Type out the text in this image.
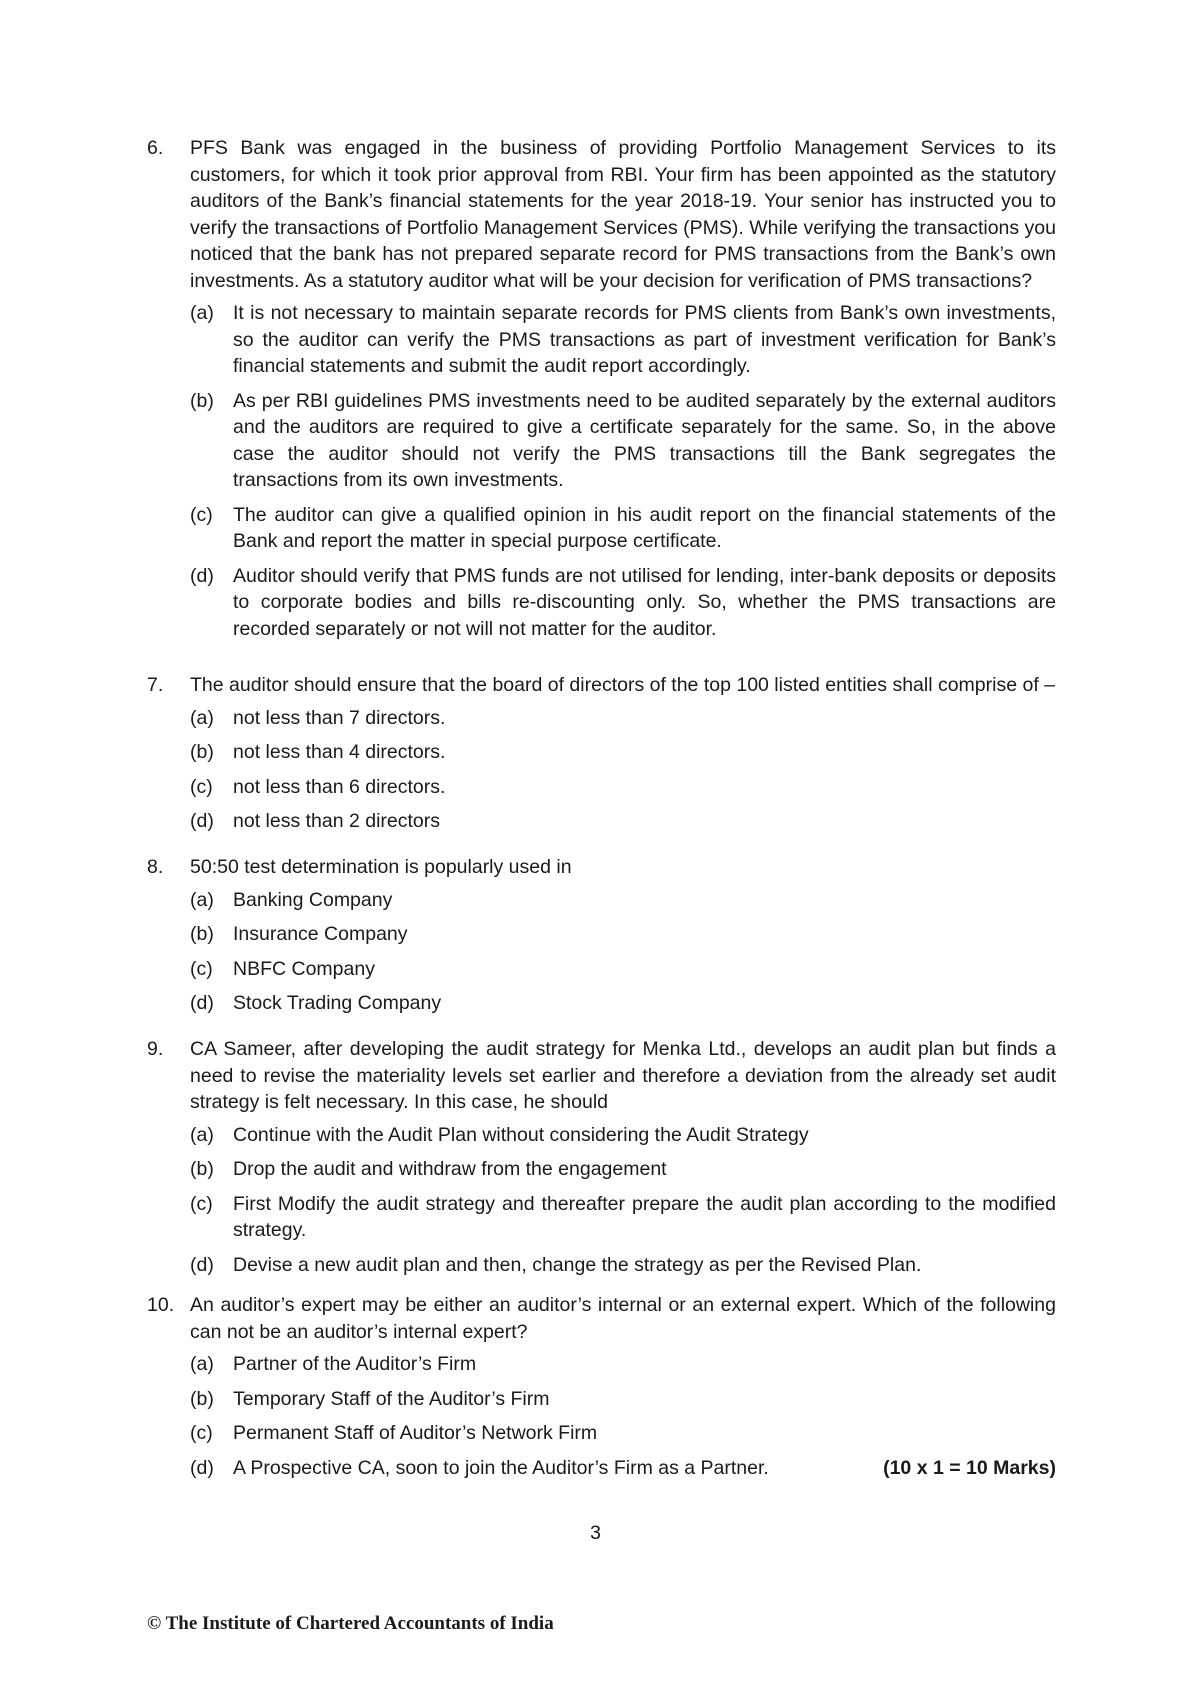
6. PFS Bank was engaged in the business of providing Portfolio Management Services to its customers, for which it took prior approval from RBI. Your firm has been appointed as the statutory auditors of the Bank’s financial statements for the year 2018-19. Your senior has instructed you to verify the transactions of Portfolio Management Services (PMS). While verifying the transactions you noticed that the bank has not prepared separate record for PMS transactions from the Bank’s own investments. As a statutory auditor what will be your decision for verification of PMS transactions?
(a) It is not necessary to maintain separate records for PMS clients from Bank’s own investments, so the auditor can verify the PMS transactions as part of investment verification for Bank’s financial statements and submit the audit report accordingly.
(b) As per RBI guidelines PMS investments need to be audited separately by the external auditors and the auditors are required to give a certificate separately for the same. So, in the above case the auditor should not verify the PMS transactions till the Bank segregates the transactions from its own investments.
(c) The auditor can give a qualified opinion in his audit report on the financial statements of the Bank and report the matter in special purpose certificate.
(d) Auditor should verify that PMS funds are not utilised for lending, inter-bank deposits or deposits to corporate bodies and bills re-discounting only. So, whether the PMS transactions are recorded separately or not will not matter for the auditor.
7. The auditor should ensure that the board of directors of the top 100 listed entities shall comprise of –
(a) not less than 7 directors.
(b) not less than 4 directors.
(c) not less than 6 directors.
(d) not less than 2 directors
8. 50:50 test determination is popularly used in
(a) Banking Company
(b) Insurance Company
(c) NBFC Company
(d) Stock Trading Company
9. CA Sameer, after developing the audit strategy for Menka Ltd., develops an audit plan but finds a need to revise the materiality levels set earlier and therefore a deviation from the already set audit strategy is felt necessary. In this case, he should
(a) Continue with the Audit Plan without considering the Audit Strategy
(b) Drop the audit and withdraw from the engagement
(c) First Modify the audit strategy and thereafter prepare the audit plan according to the modified strategy.
(d) Devise a new audit plan and then, change the strategy as per the Revised Plan.
10. An auditor’s expert may be either an auditor’s internal or an external expert. Which of the following can not be an auditor’s internal expert?
(a) Partner of the Auditor’s Firm
(b) Temporary Staff of the Auditor’s Firm
(c) Permanent Staff of Auditor’s Network Firm
(d) A Prospective CA, soon to join the Auditor’s Firm as a Partner.	(10 x 1 = 10 Marks)
3
© The Institute of Chartered Accountants of India
